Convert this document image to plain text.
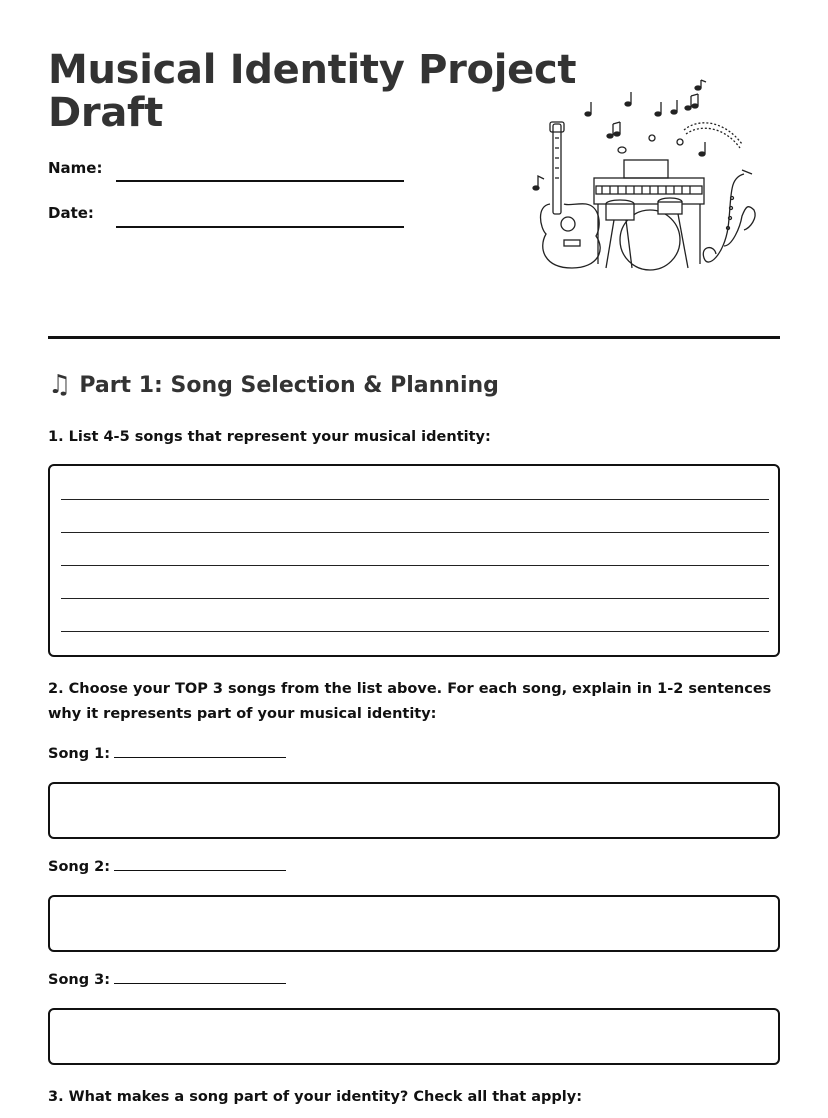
Musical Identity Project
Draft
Name:
Date:
♫ Part 1: Song Selection & Planning

1. List 4-5 songs that represent your musical identity:

2. Choose your TOP 3 songs from the list above. For each song, explain in 1-2 sentences why it represents part of your musical identity:

Song 1:
Song 2:
Song 3:

3. What makes a song part of your identity? Check all that apply:
